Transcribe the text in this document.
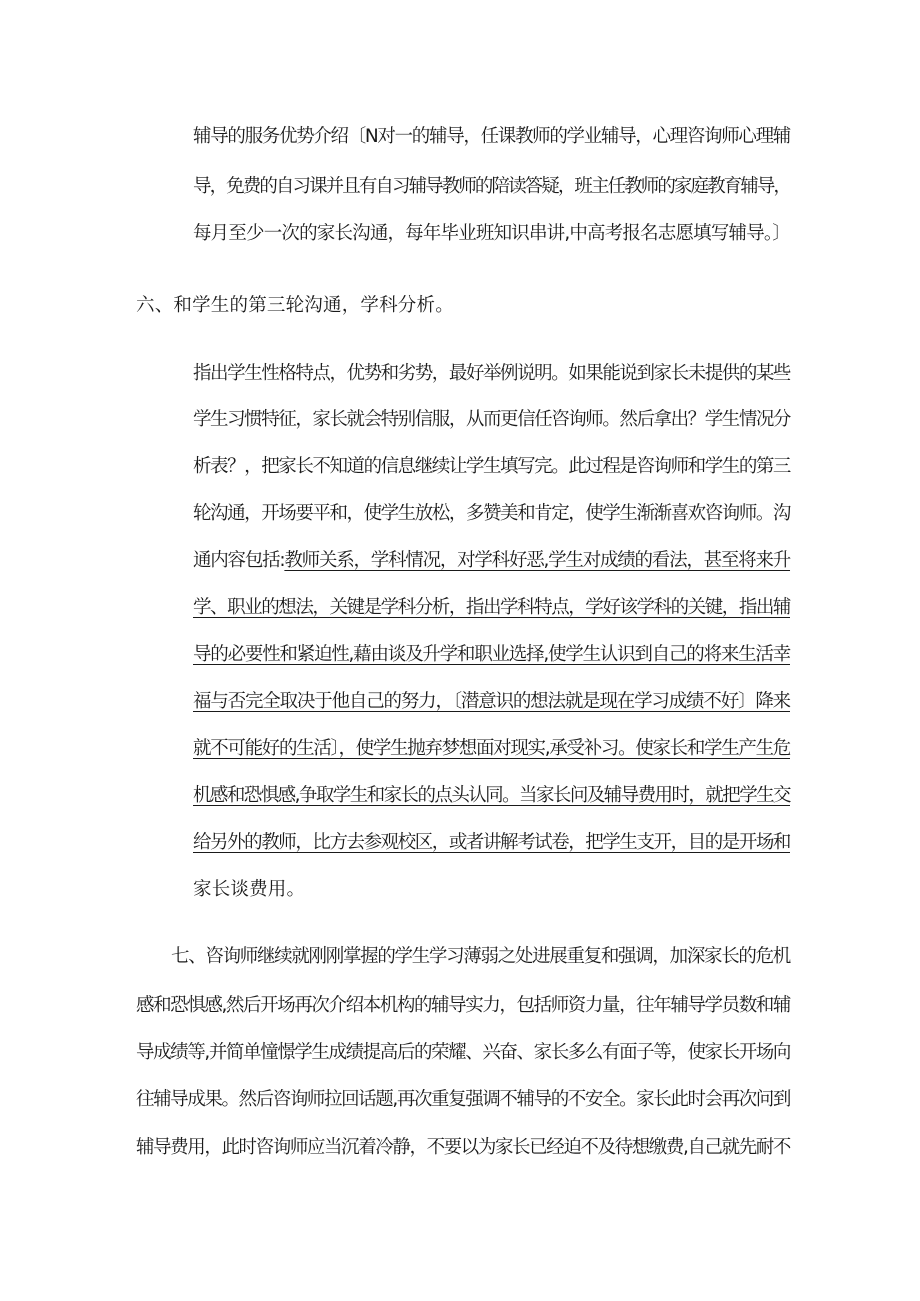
辅导的服务优势介绍〔N对一的辅导，任课教师的学业辅导，心理咨询师心理辅
导，免费的自习课并且有自习辅导教师的陪读答疑，班主任教师的家庭教育辅导，
每月至少一次的家长沟通，每年毕业班知识串讲,中高考报名志愿填写辅导。〕
六、和学生的第三轮沟通，学科分析。
指出学生性格特点，优势和劣势，最好举例说明。如果能说到家长未提供的某些
学生习惯特征，家长就会特别信服，从而更信任咨询师。然后拿出？学生情况分
析表？，把家长不知道的信息继续让学生填写完。此过程是咨询师和学生的第三
轮沟通，开场要平和，使学生放松，多赞美和肯定，使学生渐渐喜欢咨询师。沟
通内容包括:教师关系，学科情况，对学科好恶,学生对成绩的看法，甚至将来升
学、职业的想法，关键是学科分析，指出学科特点，学好该学科的关键，指出辅
导的必要性和紧迫性,藉由谈及升学和职业选择,使学生认识到自己的将来生活幸
福与否完全取决于他自己的努力，〔潜意识的想法就是现在学习成绩不好〕降来
就不可能好的生活〕，使学生抛弃梦想面对现实,承受补习。使家长和学生产生危
机感和恐惧感,争取学生和家长的点头认同。当家长问及辅导费用时，就把学生交
给另外的教师，比方去参观校区，或者讲解考试卷，把学生支开，目的是开场和
家长谈费用。
七、咨询师继续就刚刚掌握的学生学习薄弱之处进展重复和强调，加深家长的危机
感和恐惧感,然后开场再次介绍本机构的辅导实力，包括师资力量，往年辅导学员数和辅
导成绩等,并简单憧憬学生成绩提高后的荣耀、兴奋、家长多么有面子等，使家长开场向
往辅导成果。然后咨询师拉回话题,再次重复强调不辅导的不安全。家长此时会再次问到
辅导费用，此时咨询师应当沉着冷静，不要以为家长已经迫不及待想缴费,自己就先耐不
